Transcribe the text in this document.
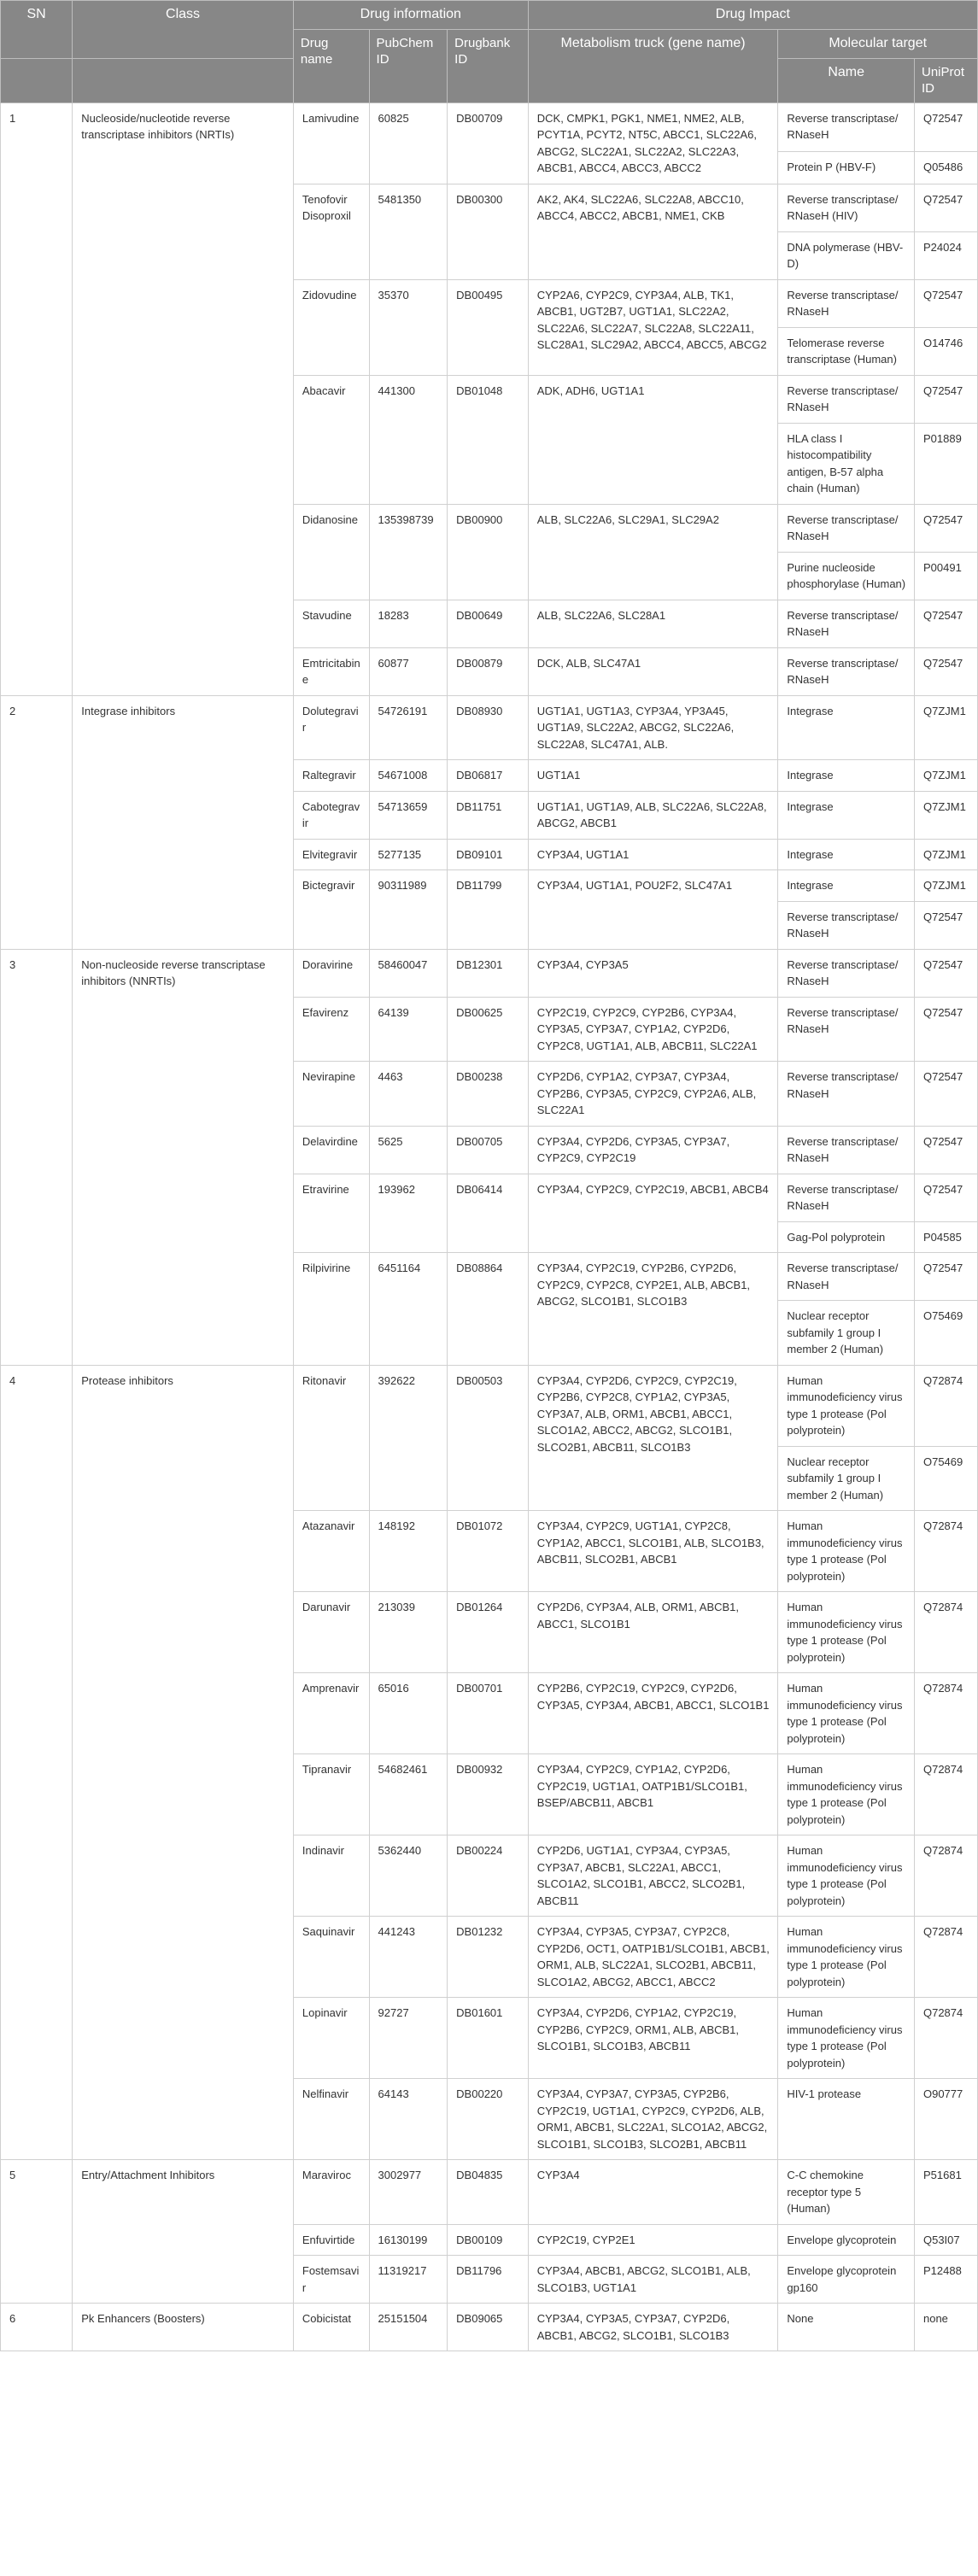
SN	Class	Drug information			Drug Impact		
		Drug name	PubChem ID	Drugbank ID	Metabolism truck (gene name)	Molecular target	
						Name	UniProt ID
1	Nucleoside/nucleotide reverse transcriptase inhibitors (NRTIs)	Lamivudine	60825	DB00709	DCK, CMPK1, PGK1, NME1, NME2, ALB, PCYT1A, PCYT2, NT5C, ABCC1, SLC22A6, ABCG2, SLC22A1, SLC22A2, SLC22A3, ABCB1, ABCC4, ABCC3, ABCC2	Reverse transcriptase/ RNaseH	Q72547
						Protein P (HBV-F)	Q05486
		Tenofovir Disoproxil	5481350	DB00300	AK2, AK4, SLC22A6, SLC22A8, ABCC10, ABCC4, ABCC2, ABCB1, NME1, CKB	Reverse transcriptase/ RNaseH (HIV)	Q72547
						DNA polymerase (HBV-D)	P24024
		Zidovudine	35370	DB00495	CYP2A6, CYP2C9, CYP3A4, ALB, TK1, ABCB1, UGT2B7, UGT1A1, SLC22A2, SLC22A6, SLC22A7, SLC22A8, SLC22A11, SLC28A1, SLC29A2, ABCC4, ABCC5, ABCG2	Reverse transcriptase/ RNaseH	Q72547
						Telomerase reverse transcriptase (Human)	O14746
		Abacavir	441300	DB01048	ADK, ADH6, UGT1A1	Reverse transcriptase/ RNaseH	Q72547
						HLA class I histocompatibility antigen, B-57 alpha chain (Human)	P01889
		Didanosine	135398739	DB00900	ALB, SLC22A6, SLC29A1, SLC29A2	Reverse transcriptase/ RNaseH	Q72547
						Purine nucleoside phosphorylase (Human)	P00491
		Stavudine	18283	DB00649	ALB, SLC22A6, SLC28A1	Reverse transcriptase/ RNaseH	Q72547
		Emtricitabine	60877	DB00879	DCK, ALB, SLC47A1	Reverse transcriptase/ RNaseH	Q72547
2	Integrase inhibitors	Dolutegravir	54726191	DB08930	UGT1A1, UGT1A3, CYP3A4, YP3A45, UGT1A9, SLC22A2, ABCG2, SLC22A6, SLC22A8, SLC47A1, ALB.	Integrase	Q7ZJM1
		Raltegravir	54671008	DB06817	UGT1A1	Integrase	Q7ZJM1
		Cabotegravir	54713659	DB11751	UGT1A1, UGT1A9, ALB, SLC22A6, SLC22A8, ABCG2, ABCB1	Integrase	Q7ZJM1
		Elvitegravir	5277135	DB09101	CYP3A4, UGT1A1	Integrase	Q7ZJM1
		Bictegravir	90311989	DB11799	CYP3A4, UGT1A1, POU2F2, SLC47A1	Integrase	Q7ZJM1
						Reverse transcriptase/ RNaseH	Q72547
3	Non-nucleoside reverse transcriptase inhibitors (NNRTIs)	Doravirine	58460047	DB12301	CYP3A4, CYP3A5	Reverse transcriptase/ RNaseH	Q72547
		Efavirenz	64139	DB00625	CYP2C19, CYP2C9, CYP2B6, CYP3A4, CYP3A5, CYP3A7, CYP1A2, CYP2D6, CYP2C8, UGT1A1, ALB, ABCB11, SLC22A1	Reverse transcriptase/ RNaseH	Q72547
		Nevirapine	4463	DB00238	CYP2D6, CYP1A2, CYP3A7, CYP3A4, CYP2B6, CYP3A5, CYP2C9, CYP2A6, ALB, SLC22A1	Reverse transcriptase/ RNaseH	Q72547
		Delavirdine	5625	DB00705	CYP3A4, CYP2D6, CYP3A5, CYP3A7, CYP2C9, CYP2C19	Reverse transcriptase/ RNaseH	Q72547
		Etravirine	193962	DB06414	CYP3A4, CYP2C9, CYP2C19, ABCB1, ABCB4	Reverse transcriptase/ RNaseH	Q72547
						Gag-Pol polyprotein	P04585
		Rilpivirine	6451164	DB08864	CYP3A4, CYP2C19, CYP2B6, CYP2D6, CYP2C9, CYP2C8, CYP2E1, ALB, ABCB1, ABCG2, SLCO1B1, SLCO1B3	Reverse transcriptase/ RNaseH	Q72547
						Nuclear receptor subfamily 1 group I member 2 (Human)	O75469
4	Protease inhibitors	Ritonavir	392622	DB00503	CYP3A4, CYP2D6, CYP2C9, CYP2C19, CYP2B6, CYP2C8, CYP1A2, CYP3A5, CYP3A7, ALB, ORM1, ABCB1, ABCC1, SLCO1A2, ABCC2, ABCG2, SLCO1B1, SLCO2B1, ABCB11, SLCO1B3	Human immunodeficiency virus type 1 protease (Pol polyprotein)	Q72874
						Nuclear receptor subfamily 1 group I member 2 (Human)	O75469
		Atazanavir	148192	DB01072	CYP3A4, CYP2C9, UGT1A1, CYP2C8, CYP1A2, ABCC1, SLCO1B1, ALB, SLCO1B3, ABCB11, SLCO2B1, ABCB1	Human immunodeficiency virus type 1 protease (Pol polyprotein)	Q72874
		Darunavir	213039	DB01264	CYP2D6, CYP3A4, ALB, ORM1, ABCB1, ABCC1, SLCO1B1	Human immunodeficiency virus type 1 protease (Pol polyprotein)	Q72874
		Amprenavir	65016	DB00701	CYP2B6, CYP2C19, CYP2C9, CYP2D6, CYP3A5, CYP3A4, ABCB1, ABCC1, SLCO1B1	Human immunodeficiency virus type 1 protease (Pol polyprotein)	Q72874
		Tipranavir	54682461	DB00932	CYP3A4, CYP2C9, CYP1A2, CYP2D6, CYP2C19, UGT1A1, OATP1B1/SLCO1B1, BSEP/ABCB11, ABCB1	Human immunodeficiency virus type 1 protease (Pol polyprotein)	Q72874
		Indinavir	5362440	DB00224	CYP2D6, UGT1A1, CYP3A4, CYP3A5, CYP3A7, ABCB1, SLC22A1, ABCC1, SLCO1A2, SLCO1B1, ABCC2, SLCO2B1, ABCB11	Human immunodeficiency virus type 1 protease (Pol polyprotein)	Q72874
		Saquinavir	441243	DB01232	CYP3A4, CYP3A5, CYP3A7, CYP2C8, CYP2D6, OCT1, OATP1B1/SLCO1B1, ABCB1, ORM1, ALB, SLC22A1, SLCO2B1, ABCB11, SLCO1A2, ABCG2, ABCC1, ABCC2	Human immunodeficiency virus type 1 protease (Pol polyprotein)	Q72874
		Lopinavir	92727	DB01601	CYP3A4, CYP2D6, CYP1A2, CYP2C19, CYP2B6, CYP2C9, ORM1, ALB, ABCB1, SLCO1B1, SLCO1B3, ABCB11	Human immunodeficiency virus type 1 protease (Pol polyprotein)	Q72874
		Nelfinavir	64143	DB00220	CYP3A4, CYP3A7, CYP3A5, CYP2B6, CYP2C19, UGT1A1, CYP2C9, CYP2D6, ALB, ORM1, ABCB1, SLC22A1, SLCO1A2, ABCG2, SLCO1B1, SLCO1B3, SLCO2B1, ABCB11	HIV-1 protease	O90777
5	Entry/Attachment Inhibitors	Maraviroc	3002977	DB04835	CYP3A4	C-C chemokine receptor type 5 (Human)	P51681
		Enfuvirtide	16130199	DB00109	CYP2C19, CYP2E1	Envelope glycoprotein	Q53I07
		Fostemsavir	11319217	DB11796	CYP3A4, ABCB1, ABCG2, SLCO1B1, ALB, SLCO1B3, UGT1A1	Envelope glycoprotein gp160	P12488
6	Pk Enhancers (Boosters)	Cobicistat	25151504	DB09065	CYP3A4, CYP3A5, CYP3A7, CYP2D6, ABCB1, ABCG2, SLCO1B1, SLCO1B3	None	none
